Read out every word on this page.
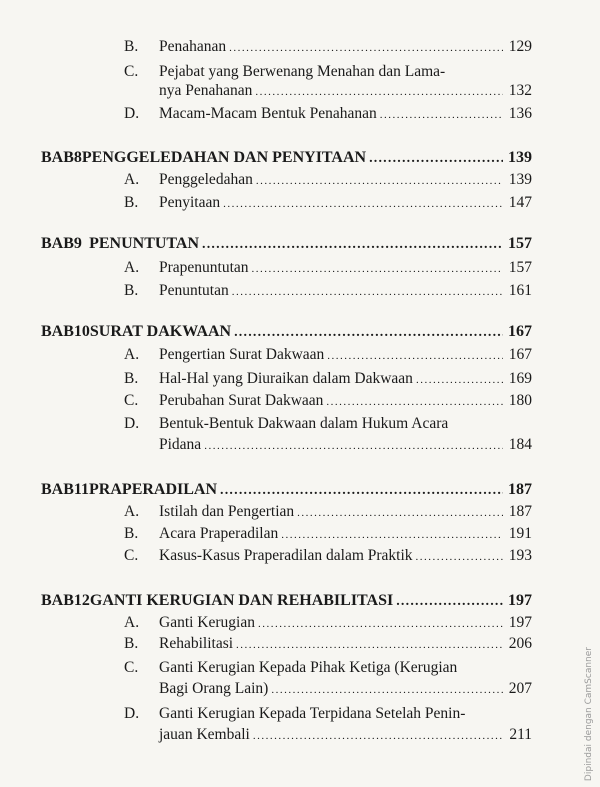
B.	Penahanan .....	129
C.	Pejabat yang Berwenang Menahan dan Lama-
nya Penahanan .....	132
D.	Macam-Macam Bentuk Penahanan .....	136
BAB 8 PENGGELEDAHAN DAN PENYITAAN .....	139
A.	Penggeledahan .....	139
B.	Penyitaan .....	147
BAB 9 PENUNTUTAN .....	157
A.	Prapenuntutan .....	157
B.	Penuntutan .....	161
BAB 10 SURAT DAKWAAN .....	167
A.	Pengertian Surat Dakwaan .....	167
B.	Hal-Hal yang Diuraikan dalam Dakwaan .....	169
C.	Perubahan Surat Dakwaan .....	180
D.	Bentuk-Bentuk Dakwaan dalam Hukum Acara
Pidana .....	184
BAB 11 PRAPERADILAN .....	187
A.	Istilah dan Pengertian .....	187
B.	Acara Praperadilan .....	191
C.	Kasus-Kasus Praperadilan dalam Praktik .....	193
BAB 12 GANTI KERUGIAN DAN REHABILITASI .....	197
A.	Ganti Kerugian .....	197
B.	Rehabilitasi .....	206
C.	Ganti Kerugian Kepada Pihak Ketiga (Kerugian
Bagi Orang Lain) .....	207
D.	Ganti Kerugian Kepada Terpidana Setelah Penin-
jauan Kembali .....	211	Dipindai dengan CamScanner
